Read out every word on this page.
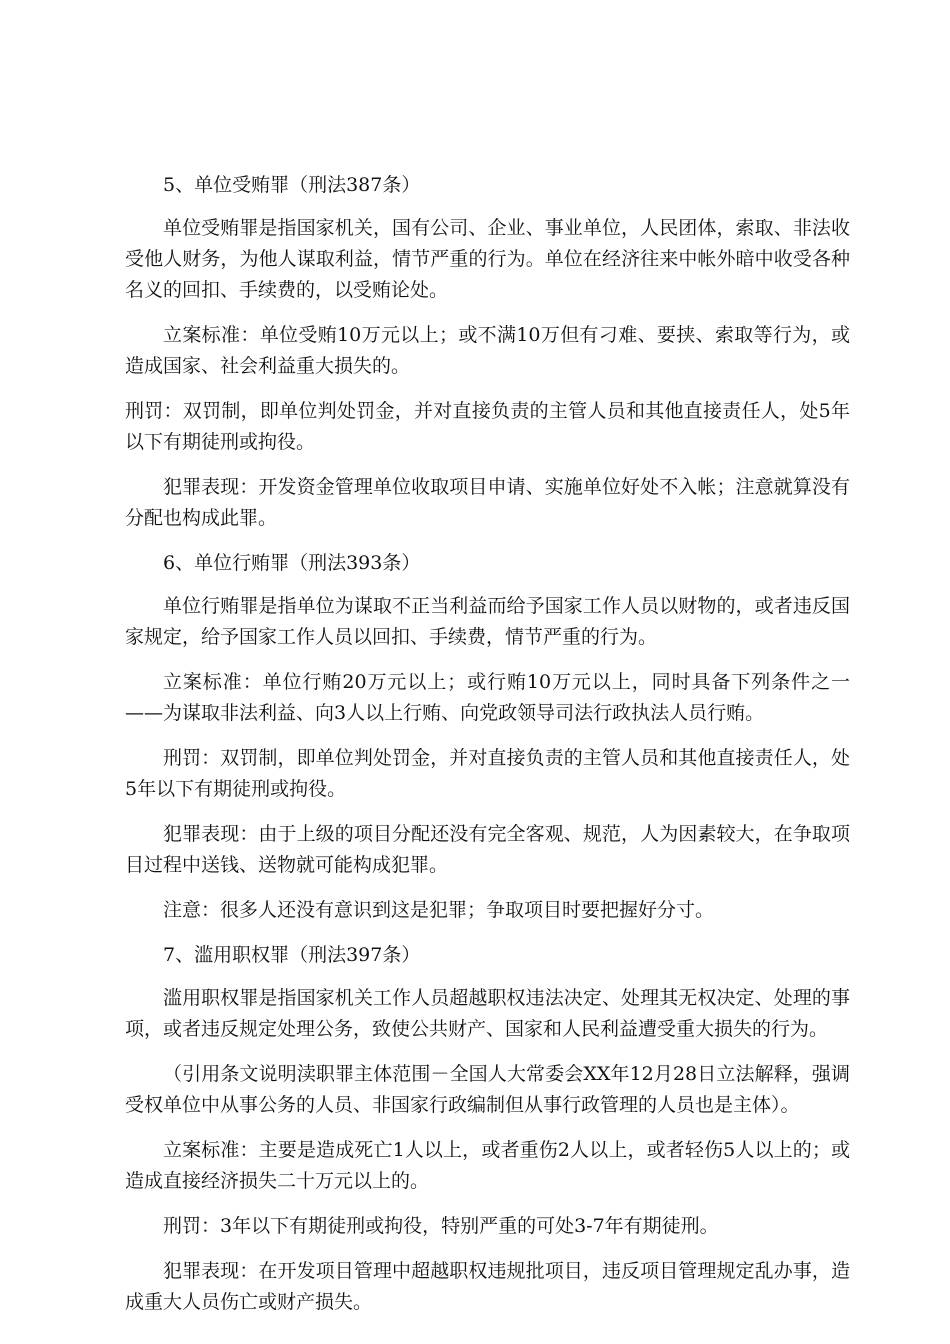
5、单位受贿罪（刑法387条）

单位受贿罪是指国家机关，国有公司、企业、事业单位，人民团体，索取、非法收受他人财务，为他人谋取利益，情节严重的行为。单位在经济往来中帐外暗中收受各种名义的回扣、手续费的，以受贿论处。

立案标准：单位受贿10万元以上；或不满10万但有刁难、要挟、索取等行为，或造成国家、社会利益重大损失的。

刑罚：双罚制，即单位判处罚金，并对直接负责的主管人员和其他直接责任人，处5年以下有期徒刑或拘役。

犯罪表现：开发资金管理单位收取项目申请、实施单位好处不入帐；注意就算没有分配也构成此罪。

6、单位行贿罪（刑法393条）

单位行贿罪是指单位为谋取不正当利益而给予国家工作人员以财物的，或者违反国家规定，给予国家工作人员以回扣、手续费，情节严重的行为。

立案标准：单位行贿20万元以上；或行贿10万元以上，同时具备下列条件之一——为谋取非法利益、向3人以上行贿、向党政领导司法行政执法人员行贿。

刑罚：双罚制，即单位判处罚金，并对直接负责的主管人员和其他直接责任人，处5年以下有期徒刑或拘役。

犯罪表现：由于上级的项目分配还没有完全客观、规范，人为因素较大，在争取项目过程中送钱、送物就可能构成犯罪。

注意：很多人还没有意识到这是犯罪；争取项目时要把握好分寸。

7、滥用职权罪（刑法397条）

滥用职权罪是指国家机关工作人员超越职权违法决定、处理其无权决定、处理的事项，或者违反规定处理公务，致使公共财产、国家和人民利益遭受重大损失的行为。

（引用条文说明渎职罪主体范围－全国人大常委会XX年12月28日立法解释，强调受权单位中从事公务的人员、非国家行政编制但从事行政管理的人员也是主体）。

立案标准：主要是造成死亡1人以上，或者重伤2人以上，或者轻伤5人以上的；或造成直接经济损失二十万元以上的。

刑罚：3年以下有期徒刑或拘役，特别严重的可处3-7年有期徒刑。

犯罪表现：在开发项目管理中超越职权违规批项目，违反项目管理规定乱办事，造成重大人员伤亡或财产损失。
